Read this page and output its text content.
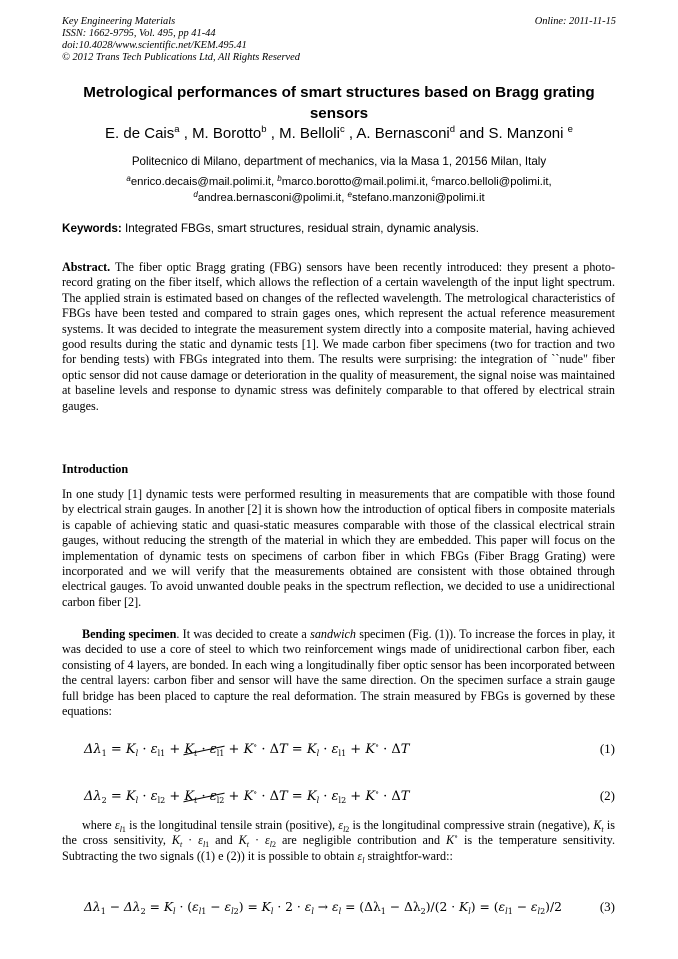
Key Engineering Materials
ISSN: 1662-9795, Vol. 495, pp 41-44
doi:10.4028/www.scientific.net/KEM.495.41
© 2012 Trans Tech Publications Ltd, All Rights Reserved
Online: 2011-11-15
Metrological performances of smart structures based on Bragg grating
sensors
E. de Cais$^a$ , M. Borotto$^b$ , M. Belloli$^c$ , A. Bernasconi$^d$ and S. Manzoni $^e$
Politecnico di Milano, department of mechanics, via la Masa 1, 20156 Milan, Italy
$^a$enrico.decais@mail.polimi.it, $^b$marco.borotto@mail.polimi.it, $^c$marco.belloli@polimi.it,
$^d$andrea.bernasconi@polimi.it, $^e$stefano.manzoni@polimi.it
Keywords: Integrated FBGs, smart structures, residual strain, dynamic analysis.
Abstract. The fiber optic Bragg grating (FBG) sensors have been recently introduced: they present a photo-record grating on the fiber itself, which allows the reflection of a certain wavelength of the input light spectrum. The applied strain is estimated based on changes of the reflected wavelength. The metrological characteristics of FBGs have been tested and compared to strain gages ones, which represent the actual reference measurement systems. It was decided to integrate the measurement system directly into a composite material, having achieved good results during the static and dynamic tests [1]. We made carbon fiber specimens (two for traction and two for bending tests) with FBGs integrated into them. The results were surprising: the integration of ``nude" fiber optic sensor did not cause damage or deterioration in the quality of measurement, the signal noise was maintained at baseline levels and response to dynamic stress was definitely comparable to that offered by electrical strain gauges.
Introduction
In one study [1] dynamic tests were performed resulting in measurements that are compatible with those found by electrical strain gauges. In another [2] it is shown how the introduction of optical fibers in composite materials is capable of achieving static and quasi-static measures comparable with those of the classical electrical strain gauges, without reducing the strength of the material in which they are embedded. This paper will focus on the implementation of dynamic tests on specimens of carbon fiber in which FBGs (Fiber Bragg Grating) were incorporated and we will verify that the measurements obtained are consistent with those obtained through electrical gauges. To avoid unwanted double peaks in the spectrum reflection, we decided to use a unidirectional carbon fiber [2].
Bending specimen. It was decided to create a sandwich specimen (Fig. (1)). To increase the forces in play, it was decided to use a core of steel to which two reinforcement wings made of unidirectional carbon fiber, each consisting of 4 layers, are bonded. In each wing a longitudinally fiber optic sensor has been incorporated between the central layers: carbon fiber and sensor will have the same direction. On the specimen surface a strain gauge full bridge has been placed to capture the real deformation. The strain measured by FBGs is governed by these equations:
$\Delta\lambda_1 = K_l \cdot \varepsilon_{l1} + K_t \cdot \varepsilon_{l1} + K^\circ \cdot \Delta T = K_l \cdot \varepsilon_{l1} + K^\circ \cdot \Delta T$	(1)
$\Delta\lambda_2 = K_l \cdot \varepsilon_{l2} + K_t \cdot \varepsilon_{l2} + K^\circ \cdot \Delta T = K_l \cdot \varepsilon_{l2} + K^\circ \cdot \Delta T$	(2)
where $\varepsilon_{l1}$ is the longitudinal tensile strain (positive), $\varepsilon_{l2}$ is the longitudinal compressive strain (negative), $K_t$ is the cross sensitivity, $K_t \cdot \varepsilon_{l1}$ and $K_t \cdot \varepsilon_{l2}$ are negligible contribution and K∘ is the temperature sensitivity. Subtracting the two signals ((1) e (2)) it is possible to obtain $\varepsilon_l$ straightfor-ward::
$\Delta\lambda_1 - \Delta\lambda_2 = K_l \cdot (\varepsilon_{l1} - \varepsilon_{l2}) = K_l \cdot 2 \cdot \varepsilon_l \to \varepsilon_l = (\Delta\lambda_1 - \Delta\lambda_2)/(2 \cdot K_l) = (\varepsilon_{l1} - \varepsilon_{l2})/2$	(3)
